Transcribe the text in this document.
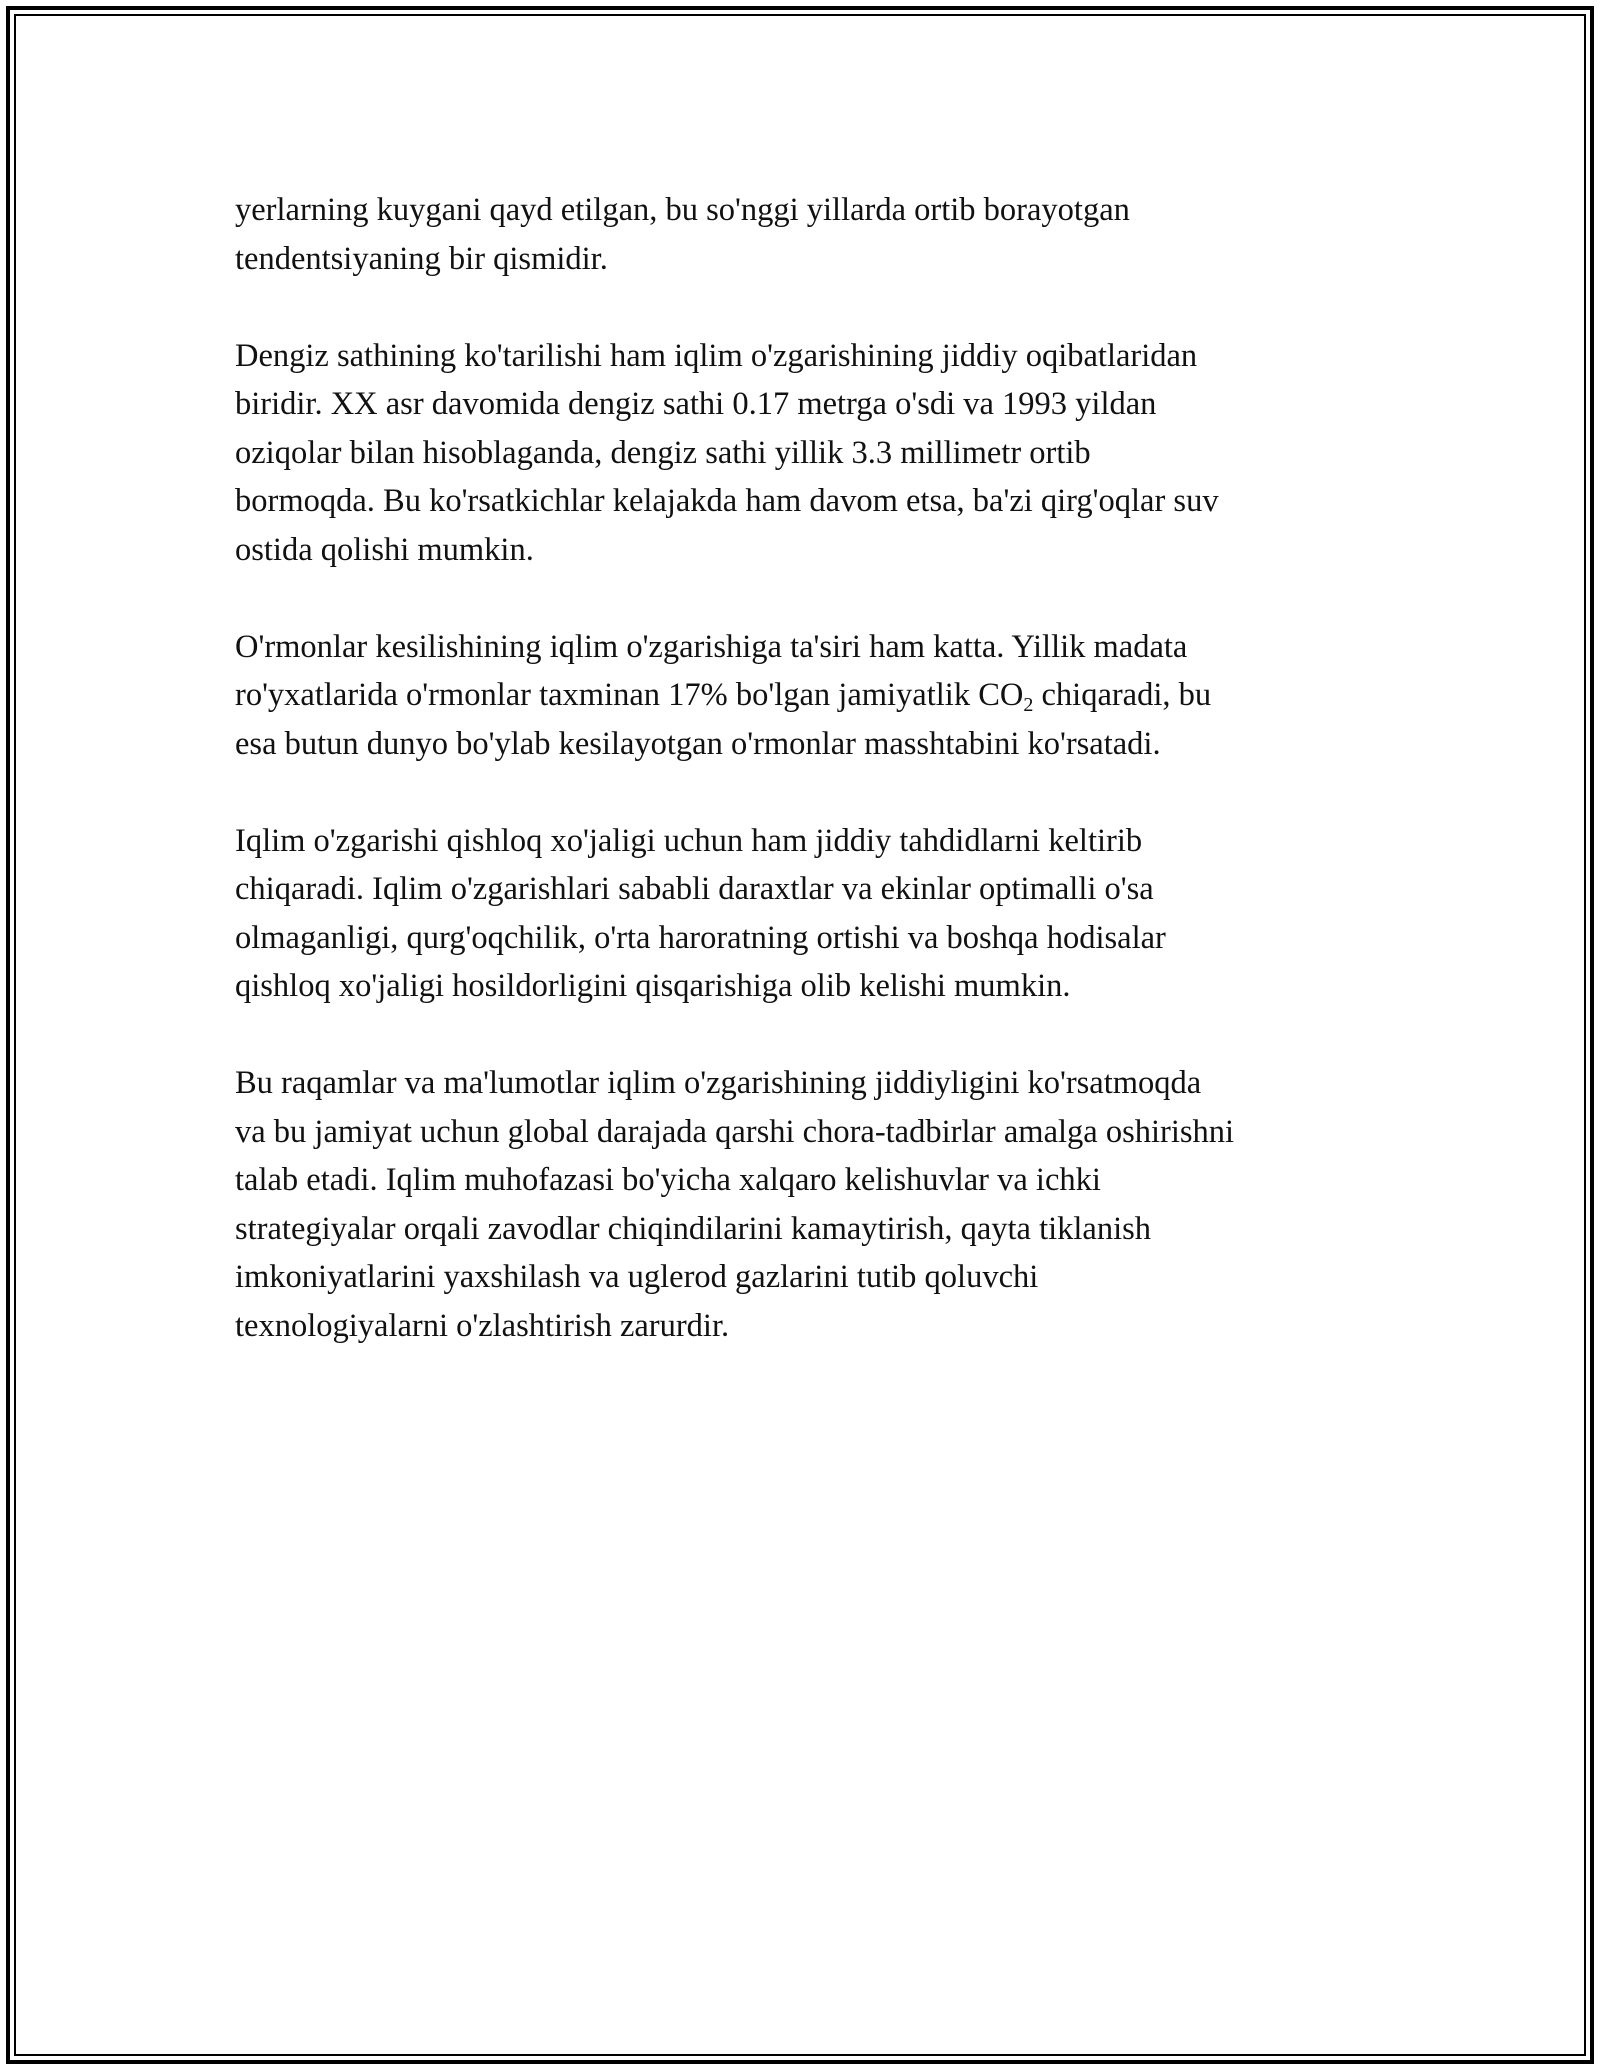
yerlarning kuygani qayd etilgan, bu so'nggi yillarda ortib borayotgan
tendentsiyaning bir qismidir.

Dengiz sathining ko'tarilishi ham iqlim o'zgarishining jiddiy oqibatlaridan
biridir. XX asr davomida dengiz sathi 0.17 metrga o'sdi va 1993 yildan
oziqolar bilan hisoblaganda, dengiz sathi yillik 3.3 millimetr ortib
bormoqda. Bu ko'rsatkichlar kelajakda ham davom etsa, ba'zi qirg'oqlar suv
ostida qolishi mumkin.

O'rmonlar kesilishining iqlim o'zgarishiga ta'siri ham katta. Yillik madata
ro'yxatlarida o'rmonlar taxminan 17% bo'lgan jamiyatlik $CO_2$ chiqaradi, bu
esa butun dunyo bo'ylab kesilayotgan o'rmonlar masshtabini ko'rsatadi.

Iqlim o'zgarishi qishloq xo'jaligi uchun ham jiddiy tahdidlarni keltirib
chiqaradi. Iqlim o'zgarishlari sababli daraxtlar va ekinlar optimalli o'sa
olmaganligi, qurg'oqchilik, o'rta haroratning ortishi va boshqa hodisalar
qishloq xo'jaligi hosildorligini qisqarishiga olib kelishi mumkin.

Bu raqamlar va ma'lumotlar iqlim o'zgarishining jiddiyligini ko'rsatmoqda
va bu jamiyat uchun global darajada qarshi chora-tadbirlar amalga oshirishni
talab etadi. Iqlim muhofazasi bo'yicha xalqaro kelishuvlar va ichki
strategiyalar orqali zavodlar chiqindilarini kamaytirish, qayta tiklanish
imkoniyatlarini yaxshilash va uglerod gazlarini tutib qoluvchi
texnologiyalarni o'zlashtirish zarurdir.
